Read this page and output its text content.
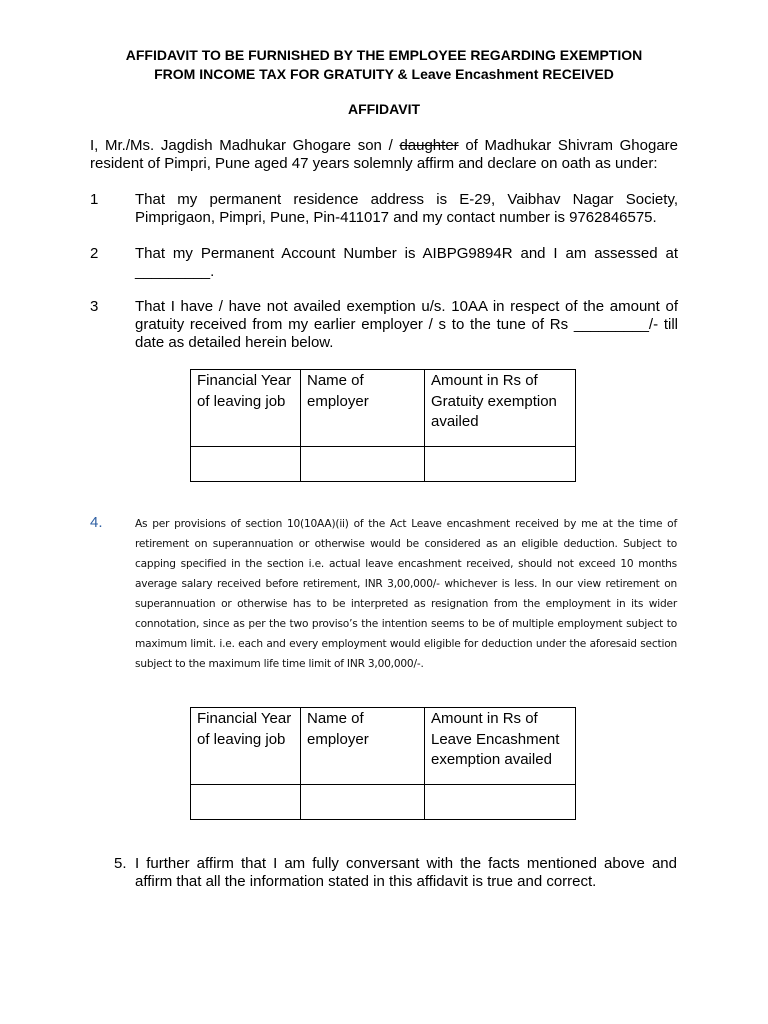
AFFIDAVIT TO BE FURNISHED BY THE EMPLOYEE REGARDING EXEMPTION
FROM INCOME TAX FOR GRATUITY & Leave Encashment RECEIVED
AFFIDAVIT
I, Mr./Ms. Jagdish Madhukar Ghogare son / daughter of Madhukar Shivram Ghogare resident of Pimpri, Pune aged 47 years solemnly affirm and declare on oath as under:
1 That my permanent residence address is E-29, Vaibhav Nagar Society, Pimprigaon, Pimpri, Pune, Pin-411017 and my contact number is 9762846575.
2 That my Permanent Account Number is AIBPG9894R and I am assessed at _________.
3 That I have / have not availed exemption u/s. 10AA in respect of the amount of gratuity received from my earlier employer / s to the tune of Rs _________/- till date as detailed herein below.
Financial Year of leaving job	Name of employer	Amount in Rs of Gratuity exemption availed

4.	As per provisions of section 10(10AA)(ii) of the Act Leave encashment received by me at the time of retirement on superannuation or otherwise would be considered as an eligible deduction. Subject to capping specified in the section i.e. actual leave encashment received, should not exceed 10 months average salary received before retirement, INR 3,00,000/- whichever is less. In our view retirement on superannuation or otherwise has to be interpreted as resignation from the employment in its wider connotation, since as per the two proviso’s the intention seems to be of multiple employment subject to maximum limit. i.e. each and every employment would eligible for deduction under the aforesaid section subject to the maximum life time limit of INR 3,00,000/-.
Financial Year of leaving job	Name of employer	Amount in Rs of Leave Encashment exemption availed

5. I further affirm that I am fully conversant with the facts mentioned above and affirm that all the information stated in this affidavit is true and correct.
